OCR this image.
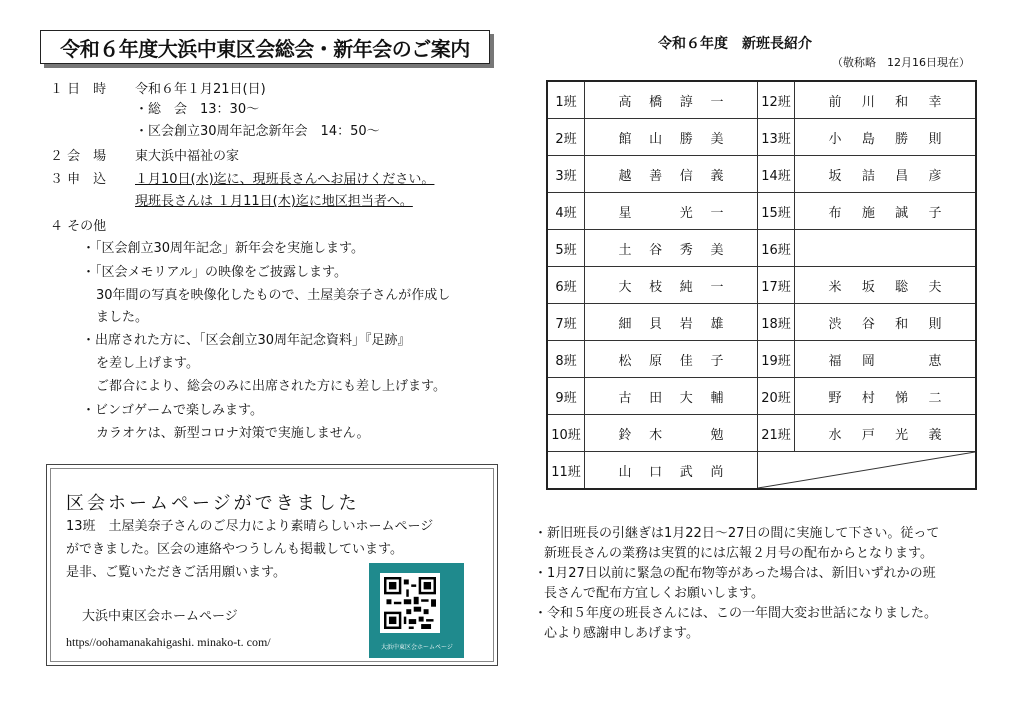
令和６年度大浜中東区会総会・新年会のご案内
１ 日　時 令和６年１月21日(日)
・総　会　13：30～
・区会創立30周年記念新年会　14：50～
２ 会　場 東大浜中福祉の家
３ 申　込 １月10日(水)迄に、現班長さんへお届けください。
現班長さんは １月11日(木)迄に地区担当者へ。
４ その他
・「区会創立30周年記念」新年会を実施します。
・「区会メモリアル」の映像をご披露します。
30年間の写真を映像化したもので、土屋美奈子さんが作成し
ました。
・出席された方に、「区会創立30周年記念資料」『足跡』
を差し上げます。
ご都合により、総会のみに出席された方にも差し上げます。
・ビンゴゲームで楽しみます。
カラオケは、新型コロナ対策で実施しません。
区会ホームページができました
13班　土屋美奈子さんのご尽力により素晴らしいホームページ
ができました。区会の連絡やつうしんも掲載しています。
是非、ご覧いただきご活用願います。
大浜中東区会ホームページ
https//oohamanakahigashi. minako-t. com/	大浜中東区会ホームページ
令和６年度　新班長紹介
（敬称略　12月16日現在）
1班	高 橋 諄 一	12班	前 川 和 幸

2班	館 山 勝 美	13班	小 島 勝 則

3班	越 善 信 義	14班	坂 詰 昌 彦

4班	星 光 一	15班	布 施 誠 子

5班	土 谷 秀 美	16班	

6班	大 枝 純 一	17班	米 坂 聡 夫

7班	細 貝 岩 雄	18班	渋 谷 和 則

8班	松 原 佳 子	19班	福 岡 恵

9班	古 田 大 輔	20班	野 村 悌 二

10班	鈴 木 勉	21班	水 戸 光 義

11班	山 口 武 尚

・新旧班長の引継ぎは1月22日～27日の間に実施して下さい。従って
新班長さんの業務は実質的には広報２月号の配布からとなります。
・1月27日以前に緊急の配布物等があった場合は、新旧いずれかの班
長さんで配布方宜しくお願いします。
・令和５年度の班長さんには、この一年間大変お世話になりました。
心より感謝申しあげます。
